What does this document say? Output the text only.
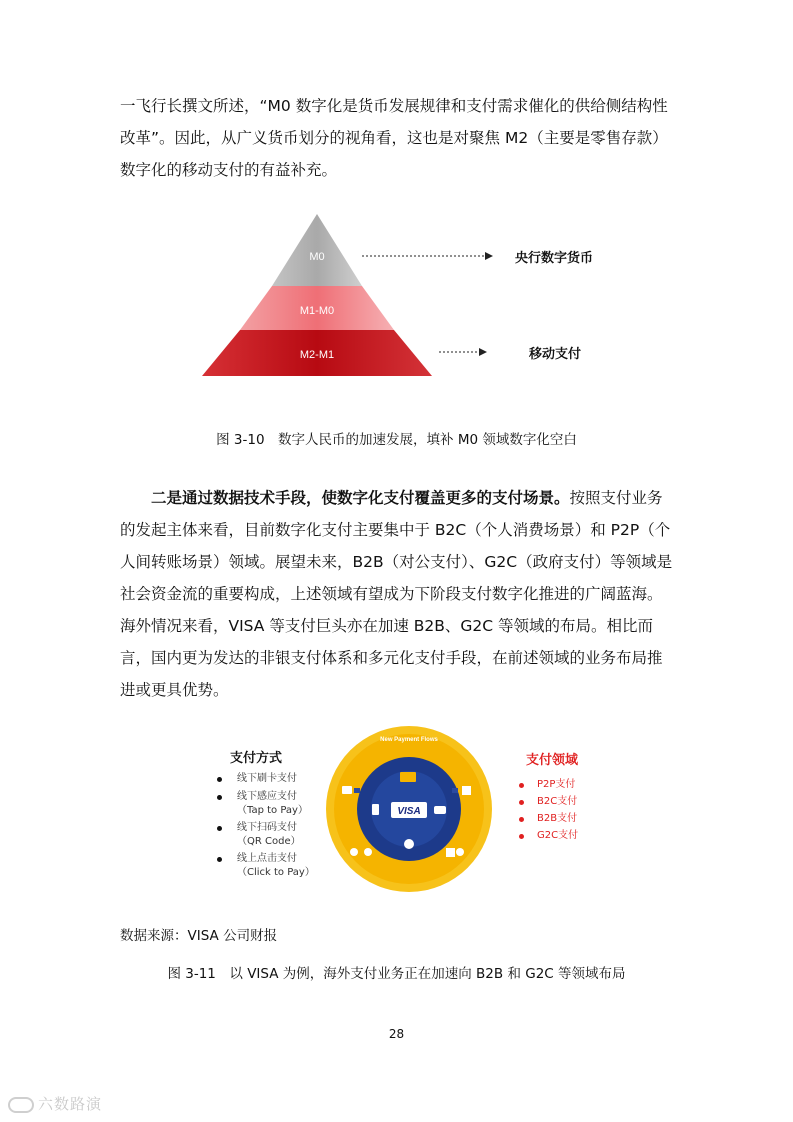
一飞行长撰文所述，“M0 数字化是货币发展规律和支付需求催化的供给侧结构性改革”。因此，从广义货币划分的视角看，这也是对聚焦 M2（主要是零售存款）数字化的移动支付的有益补充。

M0
M1-M0
M2-M1
央行数字货币
移动支付

图 3-10　数字人民币的加速发展，填补 M0 领域数字化空白

二是通过数据技术手段，使数字化支付覆盖更多的支付场景。按照支付业务的发起主体来看，目前数字化支付主要集中于 B2C（个人消费场景）和 P2P（个人间转账场景）领域。展望未来，B2B（对公支付）、G2C（政府支付）等领域是社会资金流的重要构成，上述领域有望成为下阶段支付数字化推进的广阔蓝海。海外情况来看，VISA 等支付巨头亦在加速 B2B、G2C 等领域的布局。相比而言，国内更为发达的非银支付体系和多元化支付手段，在前述领域的业务布局推进或更具优势。

支付方式
线下刷卡支付
线下感应支付
（Tap to Pay）
线下扫码支付
（QR Code）
线上点击支付
（Click to Pay）
New Payment Flows
VISA
支付领域
P2P支付
B2C支付
B2B支付
G2C支付

数据来源：VISA 公司财报

图 3-11　以 VISA 为例，海外支付业务正在加速向 B2B 和 G2C 等领域布局

28
六数路演
